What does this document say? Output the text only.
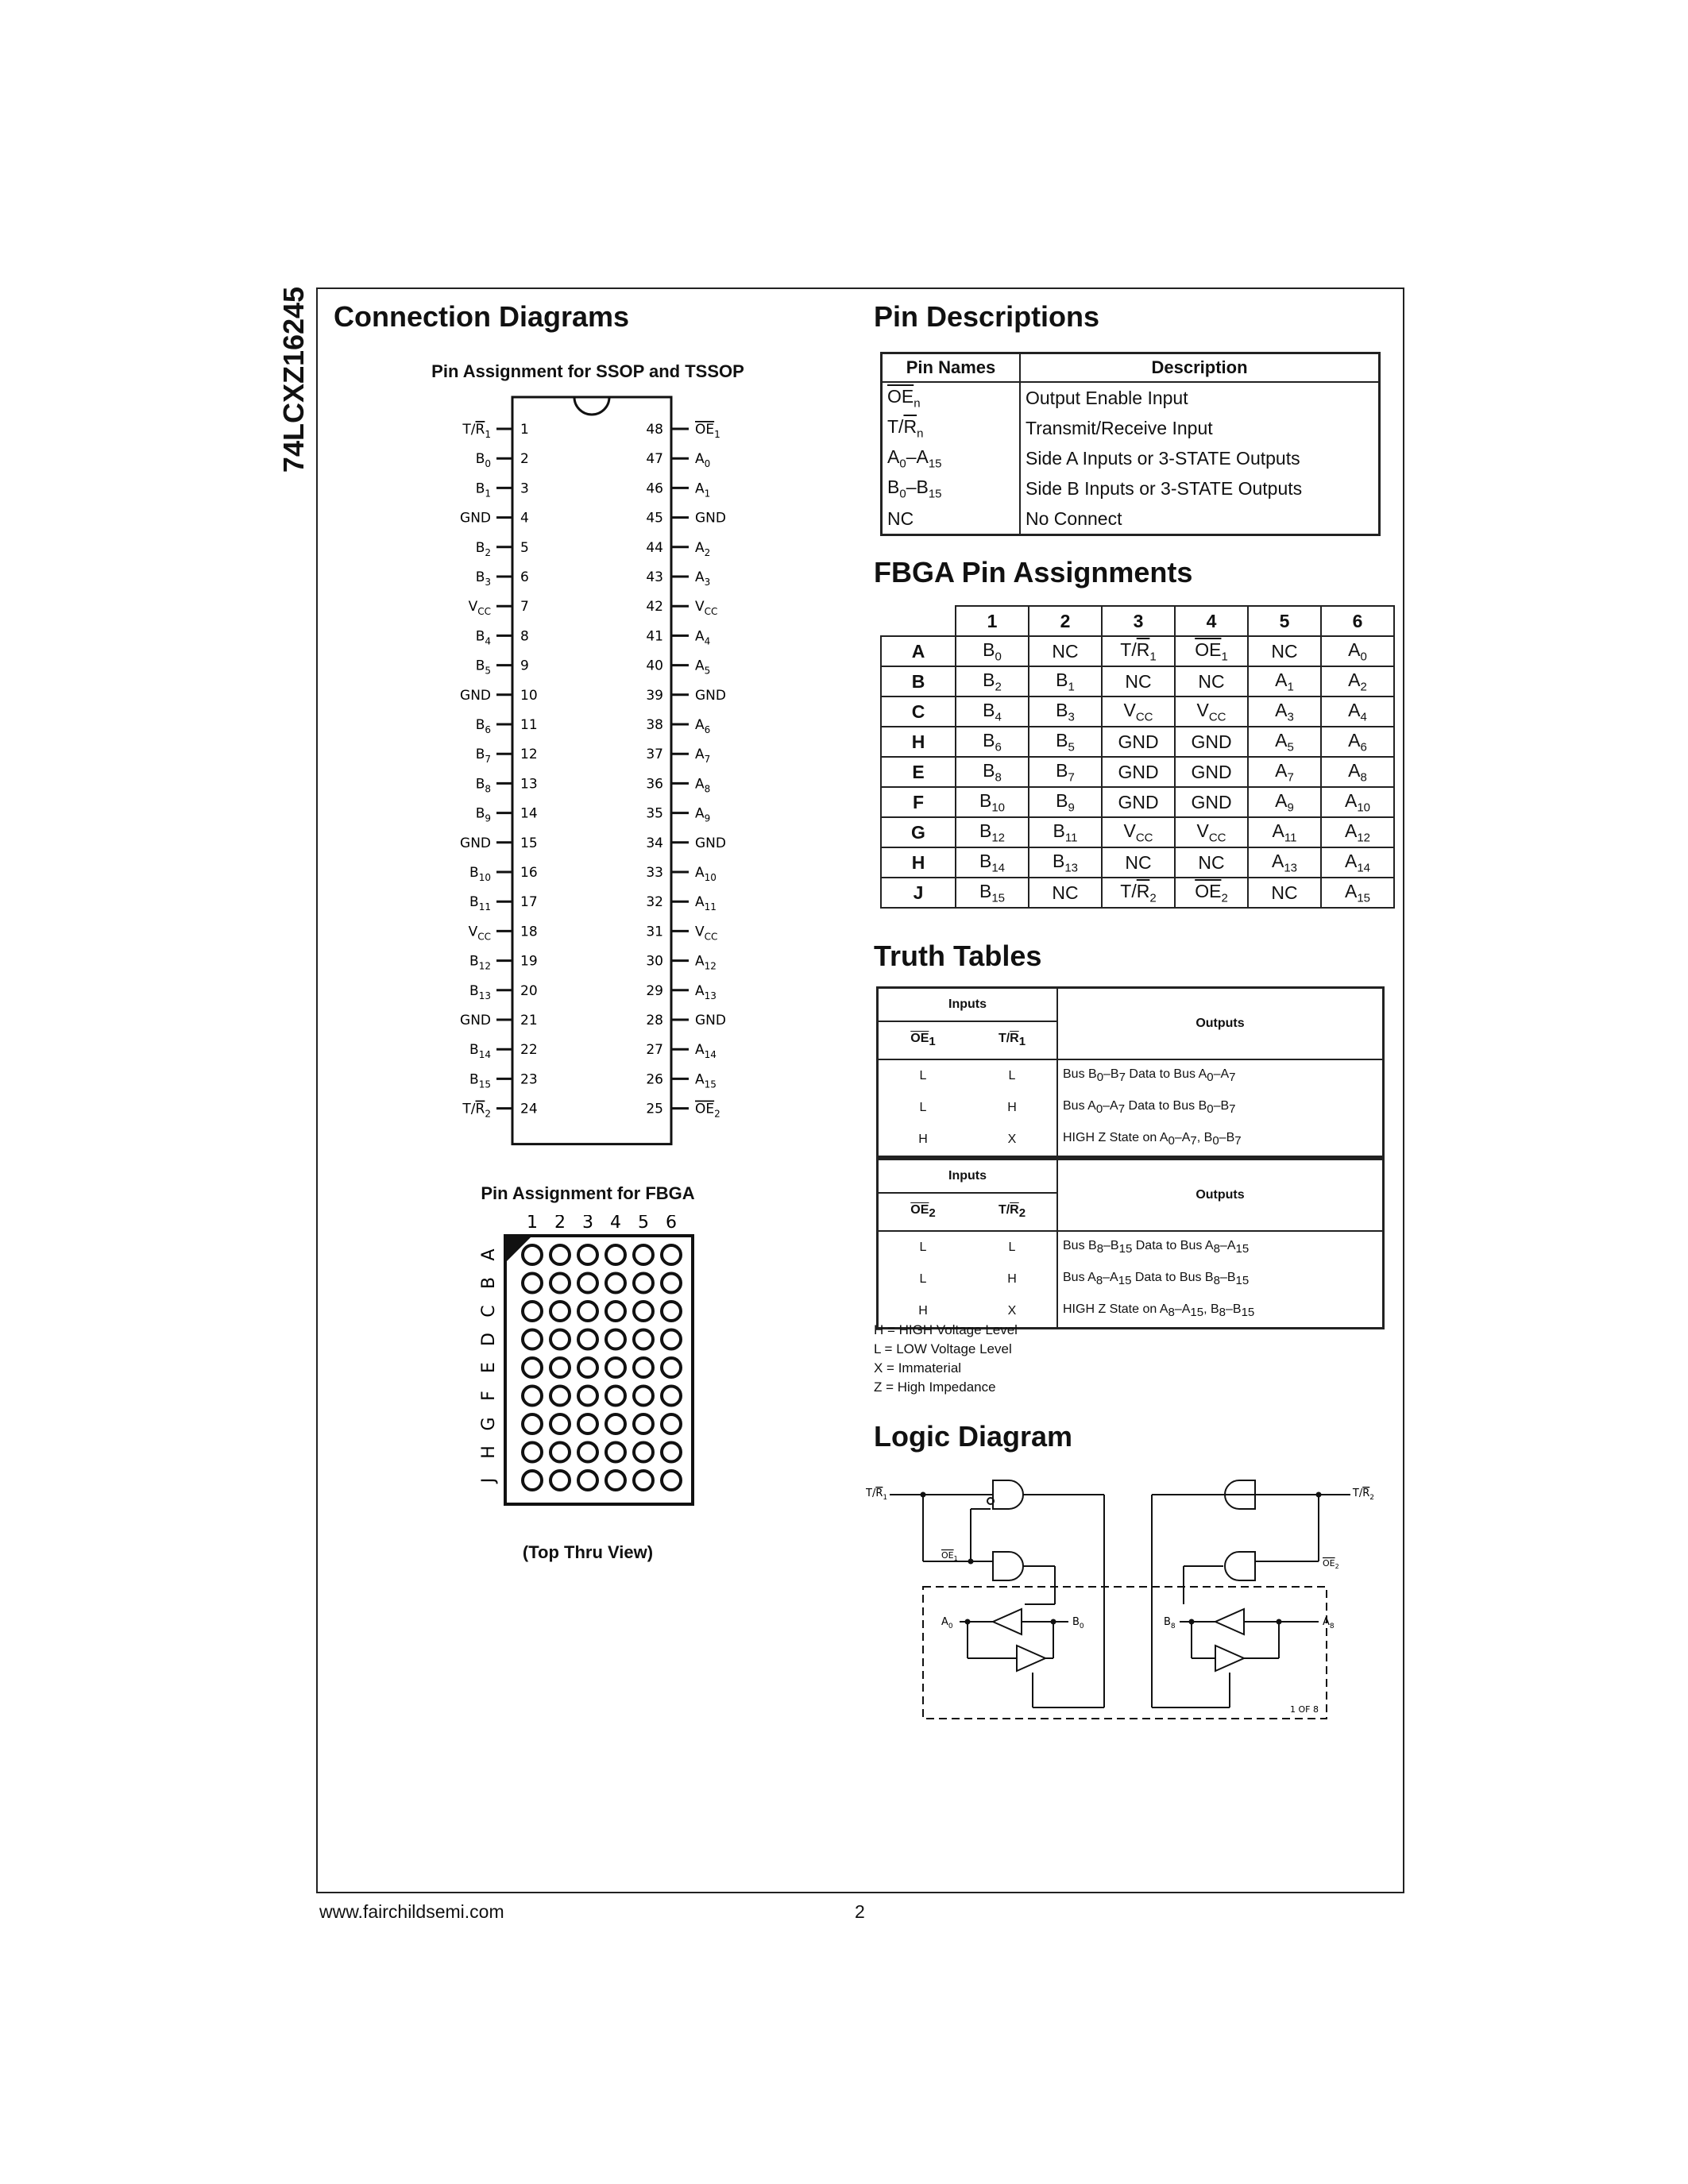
74LCXZ16245 Connection Diagrams	Pin Descriptions
FBGA Pin Assignments
Truth Tables
Logic Diagram
Pin Assignment for SSOP and TSSOP
1
$T/R_1$
2
$B_0$
3
$B_1$
4
GND
5
$B_2$
6
$B_3$
7
$V_{CC}$
8
$B_4$
9
$B_5$
10
GND
11
$B_6$
12
$B_7$
13
$B_8$
14
$B_9$
15
GND
16
$B_{10}$
17
$B_{11}$
18
$V_{CC}$
19
$B_{12}$
20
$B_{13}$
21
GND
22
$B_{14}$
23
$B_{15}$
24
$T/R_2$
48 $OE_1$
47 $A_0$
46 $A_1$
45 GND
44 $A_2$
43 $A_3$
42 $V_{CC}$
41 $A_4$
40 $A_5$
39 GND
38 $A_6$
37 $A_7$
36 $A_8$
35 $A_9$
34 GND
33 $A_{10}$
32 $A_{11}$
31 $V_{CC}$
30 $A_{12}$
29 $A_{13}$
28 GND
27 $A_{14}$
26 $A_{15}$
25 $OE_2$
Pin Assignment for FBGA
1 2 3 4 5 6
A
B
C
D
E
F
G
H
J
(Top Thru View)
Pin Names	Description
$\overline{OE}_n$	Output Enable Input
$T/\overline{R}_n$	Transmit/Receive Input
$A_0-A_{15}$	Side A Inputs or 3-STATE Outputs
$B_0-B_{15}$	Side B Inputs or 3-STATE Outputs
NC	No Connect
	1	2	3	4	5	6
A	$B_0$	NC	$T/\overline{R}_1$	$\overline{OE}_1$	NC	$A_0$
B	$B_2$	$B_1$	NC	NC	$A_1$	$A_2$
C	$B_4$	$B_3$	$V_{CC}$	$V_{CC}$	$A_3$	$A_4$
H	$B_6$	$B_5$	GND	GND	$A_5$	$A_6$
E	$B_8$	$B_7$	GND	GND	$A_7$	$A_8$
F	$B_{10}$	$B_9$	GND	GND	$A_9$	$A_{10}$
G	$B_{12}$	$B_{11}$	$V_{CC}$	$V_{CC}$	$A_{11}$	$A_{12}$
H	$B_{14}$	$B_{13}$	NC	NC	$A_{13}$	$A_{14}$
J	$B_{15}$	NC	$T/\overline{R}_2$	$\overline{OE}_2$	NC	$A_{15}$
Inputs		Outputs
$\overline{OE}_1$	$T/\overline{R}_1$
L	L	Bus $B_0-B_7$ Data to Bus $A_0-A_7$
L	H	Bus $A_0-A_7$ Data to Bus $B_0-B_7$
H	X	HIGH Z State on $A_0-A_7$, $B_0-B_7$
Inputs		Outputs
$\overline{OE}_2$	$T/\overline{R}_2$
L	L	Bus $B_8-B_{15}$ Data to Bus $A_8-A_{15}$
L	H	Bus $A_8-A_{15}$ Data to Bus $B_8-B_{15}$
H	X	HIGH Z State on $A_8-A_{15}$, $B_8-B_{15}$
H = HIGH Voltage Level
L = LOW Voltage Level
X = Immaterial
Z = High Impedance
$T/R_1$
$OE_1$
$A_0$	$B_0$
$T/R_2$
$OE_2$
$B_8$	$A_8$
1 OF 8
www.fairchildsemi.com	2
